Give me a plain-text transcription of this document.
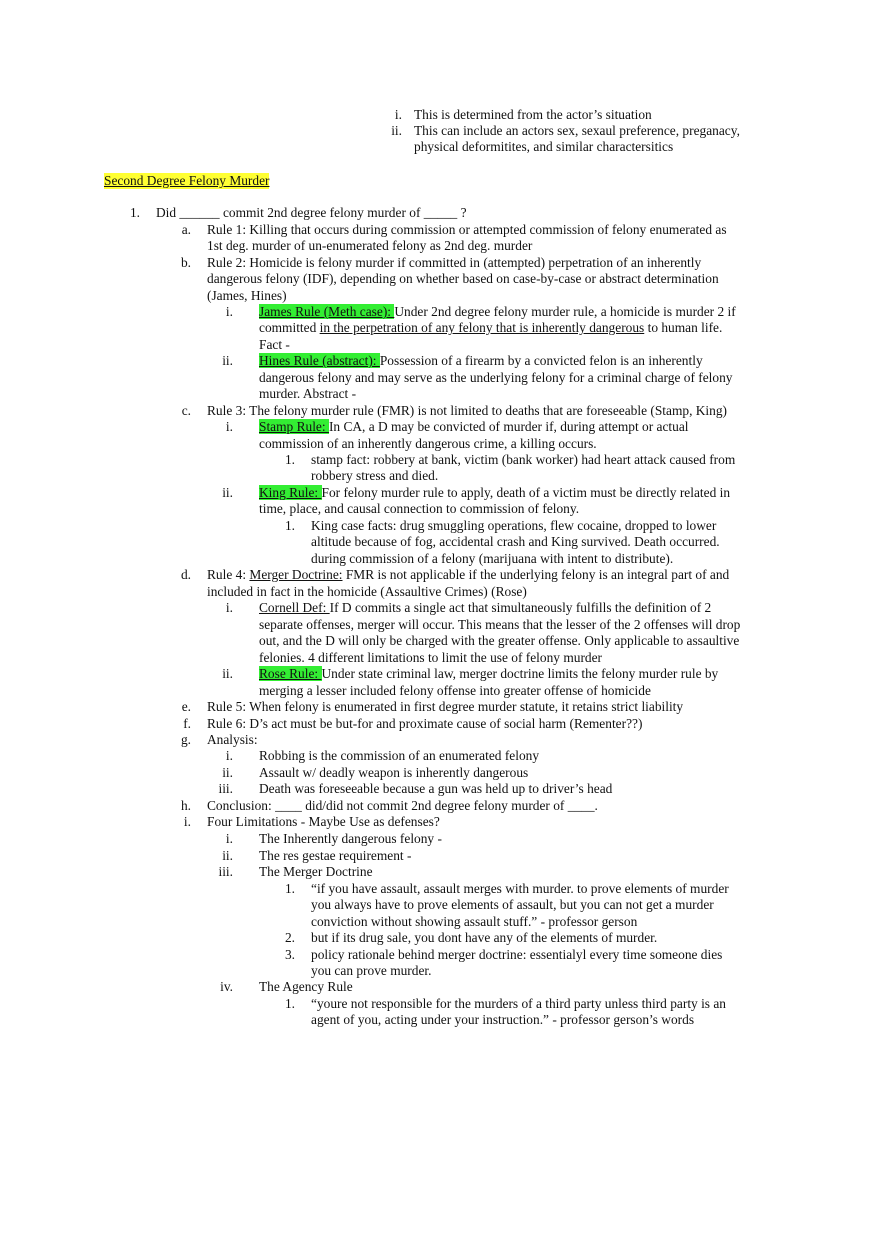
i. This is determined from the actor’s situation
ii. This can include an actors sex, sexaul preference, preganacy,
physical deformitites, and similar charactersitics
Second Degree Felony Murder
1. Did ______ commit 2nd degree felony murder of _____ ?
a. Rule 1: Killing that occurs during commission or attempted commission of felony enumerated as
1st deg. murder of un-enumerated felony as 2nd deg. murder
b. Rule 2: Homicide is felony murder if committed in (attempted) perpetration of an inherently
dangerous felony (IDF), depending on whether based on case-by-case or abstract determination
(James, Hines)
i. James Rule (Meth case): Under 2nd degree felony murder rule, a homicide is murder 2 if
committed in the perpetration of any felony that is inherently dangerous to human life.
Fact -
ii. Hines Rule (abstract): Possession of a firearm by a convicted felon is an inherently
dangerous felony and may serve as the underlying felony for a criminal charge of felony
murder. Abstract -
c. Rule 3: The felony murder rule (FMR) is not limited to deaths that are foreseeable (Stamp, King)
i. Stamp Rule: In CA, a D may be convicted of murder if, during attempt or actual
commission of an inherently dangerous crime, a killing occurs.
1. stamp fact: robbery at bank, victim (bank worker) had heart attack caused from
robbery stress and died.
ii. King Rule: For felony murder rule to apply, death of a victim must be directly related in
time, place, and causal connection to commission of felony.
1. King case facts: drug smuggling operations, flew cocaine, dropped to lower
altitude because of fog, accidental crash and King survived. Death occurred.
during commission of a felony (marijuana with intent to distribute).
d. Rule 4: Merger Doctrine: FMR is not applicable if the underlying felony is an integral part of and
included in fact in the homicide (Assaultive Crimes) (Rose)
i. Cornell Def: If D commits a single act that simultaneously fulfills the definition of 2
separate offenses, merger will occur. This means that the lesser of the 2 offenses will drop
out, and the D will only be charged with the greater offense. Only applicable to assaultive
felonies. 4 different limitations to limit the use of felony murder
ii. Rose Rule: Under state criminal law, merger doctrine limits the felony murder rule by
merging a lesser included felony offense into greater offense of homicide
e. Rule 5: When felony is enumerated in first degree murder statute, it retains strict liability
f. Rule 6: D’s act must be but-for and proximate cause of social harm (Rementer??)
g. Analysis:
i. Robbing is the commission of an enumerated felony
ii. Assault w/ deadly weapon is inherently dangerous
iii. Death was foreseeable because a gun was held up to driver’s head
h. Conclusion: ____ did/did not commit 2nd degree felony murder of ____.
i. Four Limitations - Maybe Use as defenses?
i. The Inherently dangerous felony -
ii. The res gestae requirement -
iii. The Merger Doctrine
1. “if you have assault, assault merges with murder. to prove elements of murder
you always have to prove elements of assault, but you can not get a murder
conviction without showing assault stuff.” - professor gerson
2. but if its drug sale, you dont have any of the elements of murder.
3. policy rationale behind merger doctrine: essentialyl every time someone dies
you can prove murder.
iv. The Agency Rule
1. “youre not responsible for the murders of a third party unless third party is an
agent of you, acting under your instruction.” - professor gerson’s words
